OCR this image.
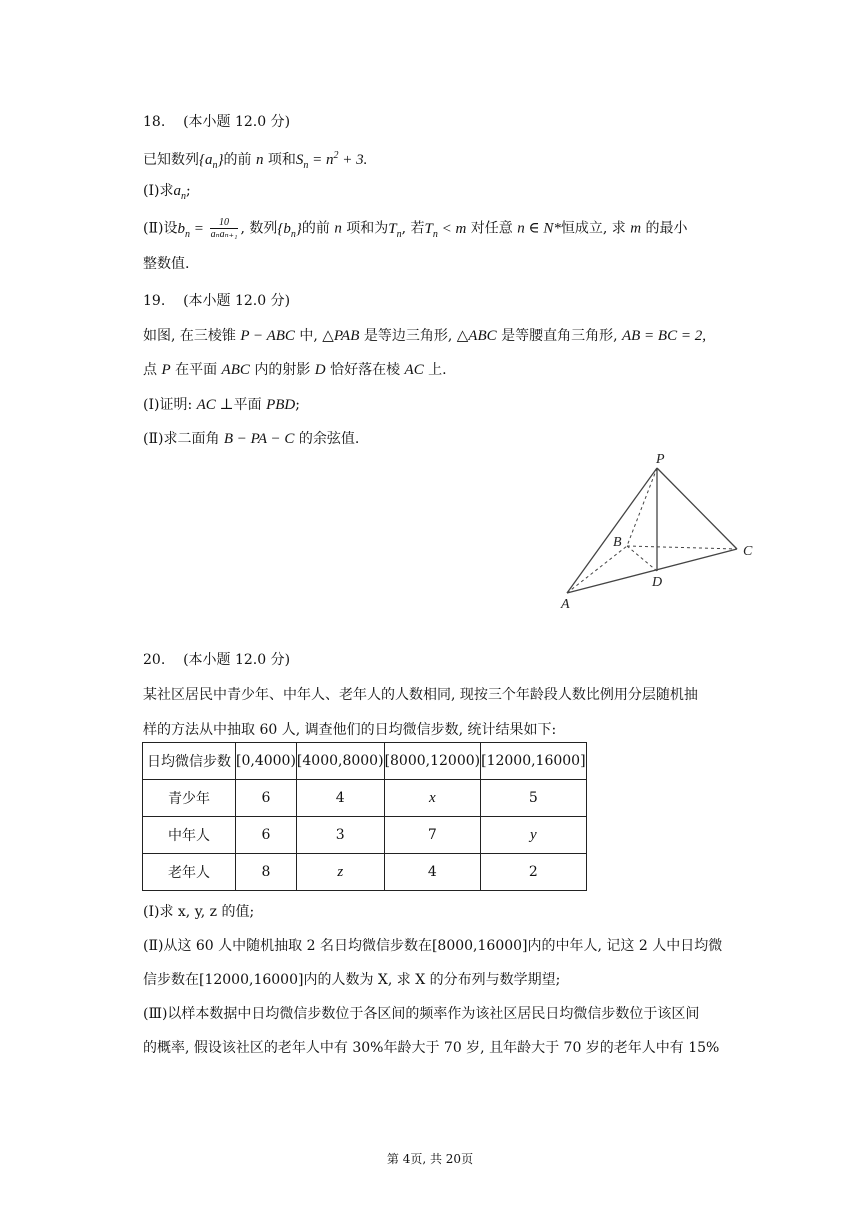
18. (本小题 12.0 分)
已知数列$\{a_n\}$的前 n 项和$S_n = n^2 + 3$.
(Ⅰ)求$a_n$;
(Ⅱ)设$b_n = \frac{10}{\text{aₙaₙ₊₁}}$ , 数列$\{b_n\}$的前 n 项和为$T_n$, 若$T_n < m$ 对任意 n ∈ N*恒成立, 求 m 的最小
整数值.
19. (本小题 12.0 分)
如图, 在三棱锥 P − ABC 中, △PAB 是等边三角形, △ABC 是等腰直角三角形, AB = BC = 2,
点 P 在平面 ABC 内的射影 D 恰好落在棱 AC 上.
(Ⅰ)证明: AC ⊥平面 PBD;
(Ⅱ)求二面角 B − PA − C 的余弦值.
P
B
C
D
A
20. (本小题 12.0 分)
某社区居民中青少年、中年人、老年人的人数相同, 现按三个年龄段人数比例用分层随机抽
样的方法从中抽取 60 人, 调查他们的日均微信步数, 统计结果如下:
日均微信步数	[0,4000)	[4000,8000)	[8000,12000)	[12000,16000]
青少年	6	4	x	5
中年人	6	3	7	y
老年人	8	z	4	2
(Ⅰ)求 x, y, z 的值;
(Ⅱ)从这 60 人中随机抽取 2 名日均微信步数在[8000,16000]内的中年人, 记这 2 人中日均微
信步数在[12000,16000]内的人数为 X, 求 X 的分布列与数学期望;
(Ⅲ)以样本数据中日均微信步数位于各区间的频率作为该社区居民日均微信步数位于该区间
的概率, 假设该社区的老年人中有 30%年龄大于 70 岁, 且年龄大于 70 岁的老年人中有 15%
第 4页, 共 20页
